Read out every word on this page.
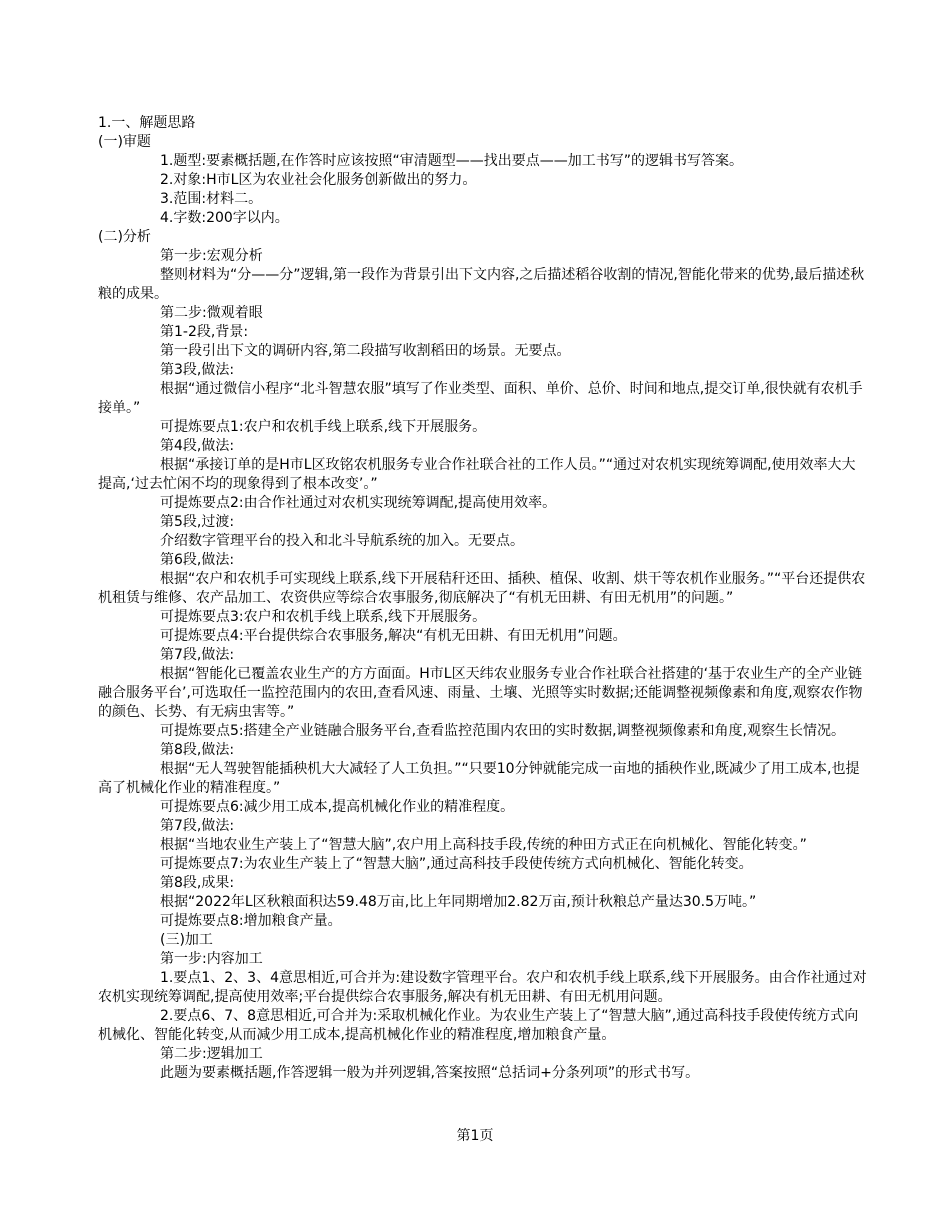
1.一、解题思路

(一)审题

1.题型:要素概括题,在作答时应该按照“审清题型——找出要点——加工书写”的逻辑书写答案。

2.对象:H市L区为农业社会化服务创新做出的努力。

3.范围:材料二。

4.字数:200字以内。

(二)分析

第一步:宏观分析

整则材料为“分——分”逻辑,第一段作为背景引出下文内容,之后描述稻谷收割的情况,智能化带来的优势,最后描述秋粮的成果。

第二步:微观着眼

第1-2段,背景:

第一段引出下文的调研内容,第二段描写收割稻田的场景。无要点。

第3段,做法:

根据“通过微信小程序“北斗智慧农服”填写了作业类型、面积、单价、总价、时间和地点,提交订单,很快就有农机手接单。”

可提炼要点1:农户和农机手线上联系,线下开展服务。

第4段,做法:

根据“承接订单的是H市L区玫铭农机服务专业合作社联合社的工作人员。”“通过对农机实现统筹调配,使用效率大大提高,‘过去忙闲不均的现象得到了根本改变’。”

可提炼要点2:由合作社通过对农机实现统筹调配,提高使用效率。

第5段,过渡:

介绍数字管理平台的投入和北斗导航系统的加入。无要点。

第6段,做法:

根据“农户和农机手可实现线上联系,线下开展秸秆还田、插秧、植保、收割、烘干等农机作业服务。”“平台还提供农机租赁与维修、农产品加工、农资供应等综合农事服务,彻底解决了“有机无田耕、有田无机用”的问题。”

可提炼要点3:农户和农机手线上联系,线下开展服务。

可提炼要点4:平台提供综合农事服务,解决“有机无田耕、有田无机用”问题。

第7段,做法:

根据“智能化已覆盖农业生产的方方面面。H市L区天纬农业服务专业合作社联合社搭建的‘基于农业生产的全产业链融合服务平台’,可选取任一监控范围内的农田,查看风速、雨量、土壤、光照等实时数据;还能调整视频像素和角度,观察农作物的颜色、长势、有无病虫害等。”

可提炼要点5:搭建全产业链融合服务平台,查看监控范围内农田的实时数据,调整视频像素和角度,观察生长情况。

第8段,做法:

根据“无人驾驶智能插秧机大大减轻了人工负担。”“只要10分钟就能完成一亩地的插秧作业,既减少了用工成本,也提高了机械化作业的精准程度。”

可提炼要点6:减少用工成本,提高机械化作业的精准程度。

第7段,做法:

根据“当地农业生产装上了“智慧大脑”,农户用上高科技手段,传统的种田方式正在向机械化、智能化转变。”

可提炼要点7:为农业生产装上了“智慧大脑”,通过高科技手段使传统方式向机械化、智能化转变。

第8段,成果:

根据“2022年L区秋粮面积达59.48万亩,比上年同期增加2.82万亩,预计秋粮总产量达30.5万吨。”

可提炼要点8:增加粮食产量。

(三)加工

第一步:内容加工

1.要点1、2、3、4意思相近,可合并为:建设数字管理平台。农户和农机手线上联系,线下开展服务。由合作社通过对农机实现统筹调配,提高使用效率;平台提供综合农事服务,解决有机无田耕、有田无机用问题。

2.要点6、7、8意思相近,可合并为:采取机械化作业。为农业生产装上了“智慧大脑”,通过高科技手段使传统方式向机械化、智能化转变,从而减少用工成本,提高机械化作业的精准程度,增加粮食产量。

第二步:逻辑加工

此题为要素概括题,作答逻辑一般为并列逻辑,答案按照“总括词+分条列项”的形式书写。

第1页
